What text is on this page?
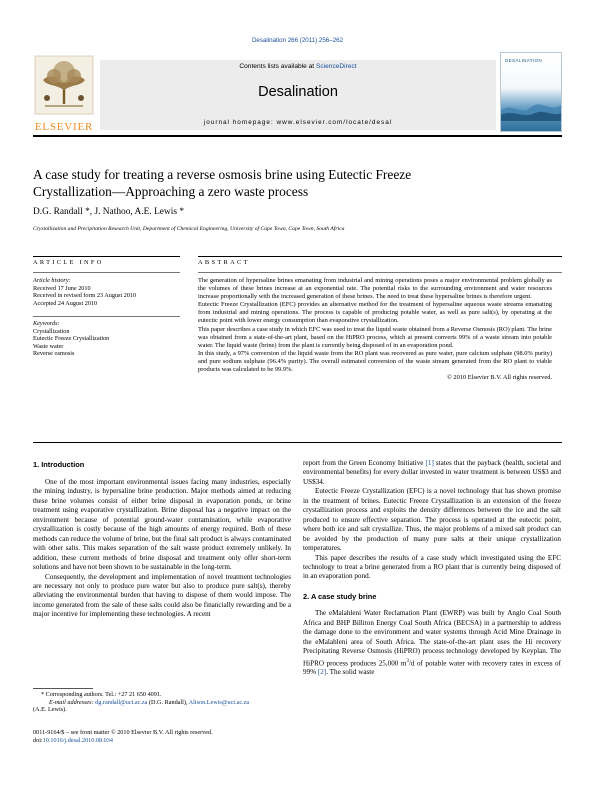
Desalination 266 (2011) 256–262
ELSEVIER
Contents lists available at ScienceDirect
Desalination
journal homepage: www.elsevier.com/locate/desal
DESALINATION
A case study for treating a reverse osmosis brine using Eutectic Freeze
Crystallization—Approaching a zero waste process
D.G. Randall *, J. Nathoo, A.E. Lewis *
Crystallization and Precipitation Research Unit, Department of Chemical Engineering, University of Cape Town, Cape Town, South Africa
ARTICLE INFO
Article history:
Received 17 June 2010
Received in revised form 23 August 2010
Accepted 24 August 2010
Keywords:
Crystallization
Eutectic Freeze Crystallization
Waste water
Reverse osmosis
ABSTRACT

The generation of hypersaline brines emanating from industrial and mining operations poses a major environmental problem globally as the volumes of these brines increase at an exponential rate. The potential risks to the surrounding environment and water resources increase proportionally with the increased generation of these brines. The need to treat these hypersaline brines is therefore urgent.

Eutectic Freeze Crystallization (EFC) provides an alternative method for the treatment of hypersaline aqueous waste streams emanating from industrial and mining operations. The process is capable of producing potable water, as well as pure salt(s), by operating at the eutectic point with lower energy consumption than evaporative crystallization.

This paper describes a case study in which EFC was used to treat the liquid waste obtained from a Reverse Osmosis (RO) plant. The brine was obtained from a state-of-the-art plant, based on the HiPRO process, which at present converts 99% of a waste stream into potable water. The liquid waste (brine) from the plant is currently being disposed of in an evaporation pond.

In this study, a 97% conversion of the liquid waste from the RO plant was recovered as pure water, pure calcium sulphate (98.0% purity) and pure sodium sulphate (96.4% purity). The overall estimated conversion of the waste stream generated from the RO plant to viable products was calculated to be 99.9%.

© 2010 Elsevier B.V. All rights reserved.
1. Introduction

One of the most important environmental issues facing many industries, especially the mining industry, is hypersaline brine production. Major methods aimed at reducing these brine volumes consist of either brine disposal in evaporation ponds, or brine treatment using evaporative crystallization. Brine disposal has a negative impact on the environment because of potential ground-water contamination, while evaporative crystallization is costly because of the high amounts of energy required. Both of these methods can reduce the volume of brine, but the final salt product is always contaminated with other salts. This makes separation of the salt waste product extremely unlikely. In addition, these current methods of brine disposal and treatment only offer short-term solutions and have not been shown to be sustainable in the long-term.

Consequently, the development and implementation of novel treatment technologies are necessary not only to produce pure water but also to produce pure salt(s), thereby alleviating the environmental burden that having to dispose of them would impose. The income generated from the sale of these salts could also be financially rewarding and be a major incentive for implementing these technologies. A recent

report from the Green Economy Initiative [1] states that the payback (health, societal and environmental benefits) for every dollar invested in water treatment is between US$3 and US$34.

Eutectic Freeze Crystallization (EFC) is a novel technology that has shown promise in the treatment of brines. Eutectic Freeze Crystallization is an extension of the freeze crystallization process and exploits the density differences between the ice and the salt produced to ensure effective separation. The process is operated at the eutectic point, where both ice and salt crystallize. Thus, the major problems of a mixed salt product can be avoided by the production of many pure salts at their unique crystallization temperatures.

This paper describes the results of a case study which investigated using the EFC technology to treat a brine generated from a RO plant that is currently being disposed of in an evaporation pond.

2. A case study brine

The eMalahleni Water Reclamation Plant (EWRP) was built by Anglo Coal South Africa and BHP Billiton Energy Coal South Africa (BECSA) in a partnership to address the damage done to the environment and water systems through Acid Mine Drainage in the eMalahleni area of South Africa. The state-of-the-art plant uses the Hi recovery Precipitating Reverse Osmosis (HiPRO) process technology developed by Keyplan. The HiPRO process produces 25,000 $m^3/d$ of potable water with recovery rates in excess of 99% [2]. The solid waste

* Corresponding authors. Tel.: +27 21 650 4091.
E-mail addresses: dg.randall@uct.ac.za (D.G. Randall), Alison.Lewis@uct.ac.za
(A.E. Lewis).
0011-9164/$ – see front matter © 2010 Elsevier B.V. All rights reserved.
doi:10.1016/j.desal.2010.08.034
